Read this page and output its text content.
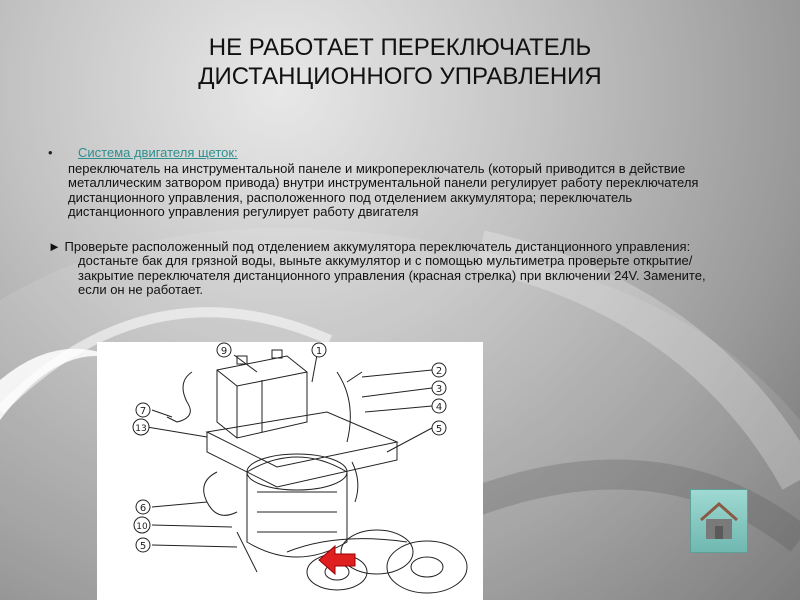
НЕ РАБОТАЕТ ПЕРЕКЛЮЧАТЕЛЬ
ДИСТАНЦИОННОГО УПРАВЛЕНИЯ
•	Система двигателя щеток:
переключатель на инструментальной панеле и микропереключатель (который приводится в действие металлическим затвором привода) внутри инструментальной панели регулирует работу переключателя дистанционного управления, расположенного под отделением аккумулятора; переключатель дистанционного управления регулирует работу двигателя
► Проверьте расположенный под отделением аккумулятора переключатель дистанционного управления: достаньте бак для грязной воды, выньте аккумулятор и с помощью мультиметра проверьте открытие/закрытие переключателя дистанционного управления (красная стрелка) при включении 24V. Замените, если он не работает.
9	1
2
3
4
5
7
13
6
10
5
